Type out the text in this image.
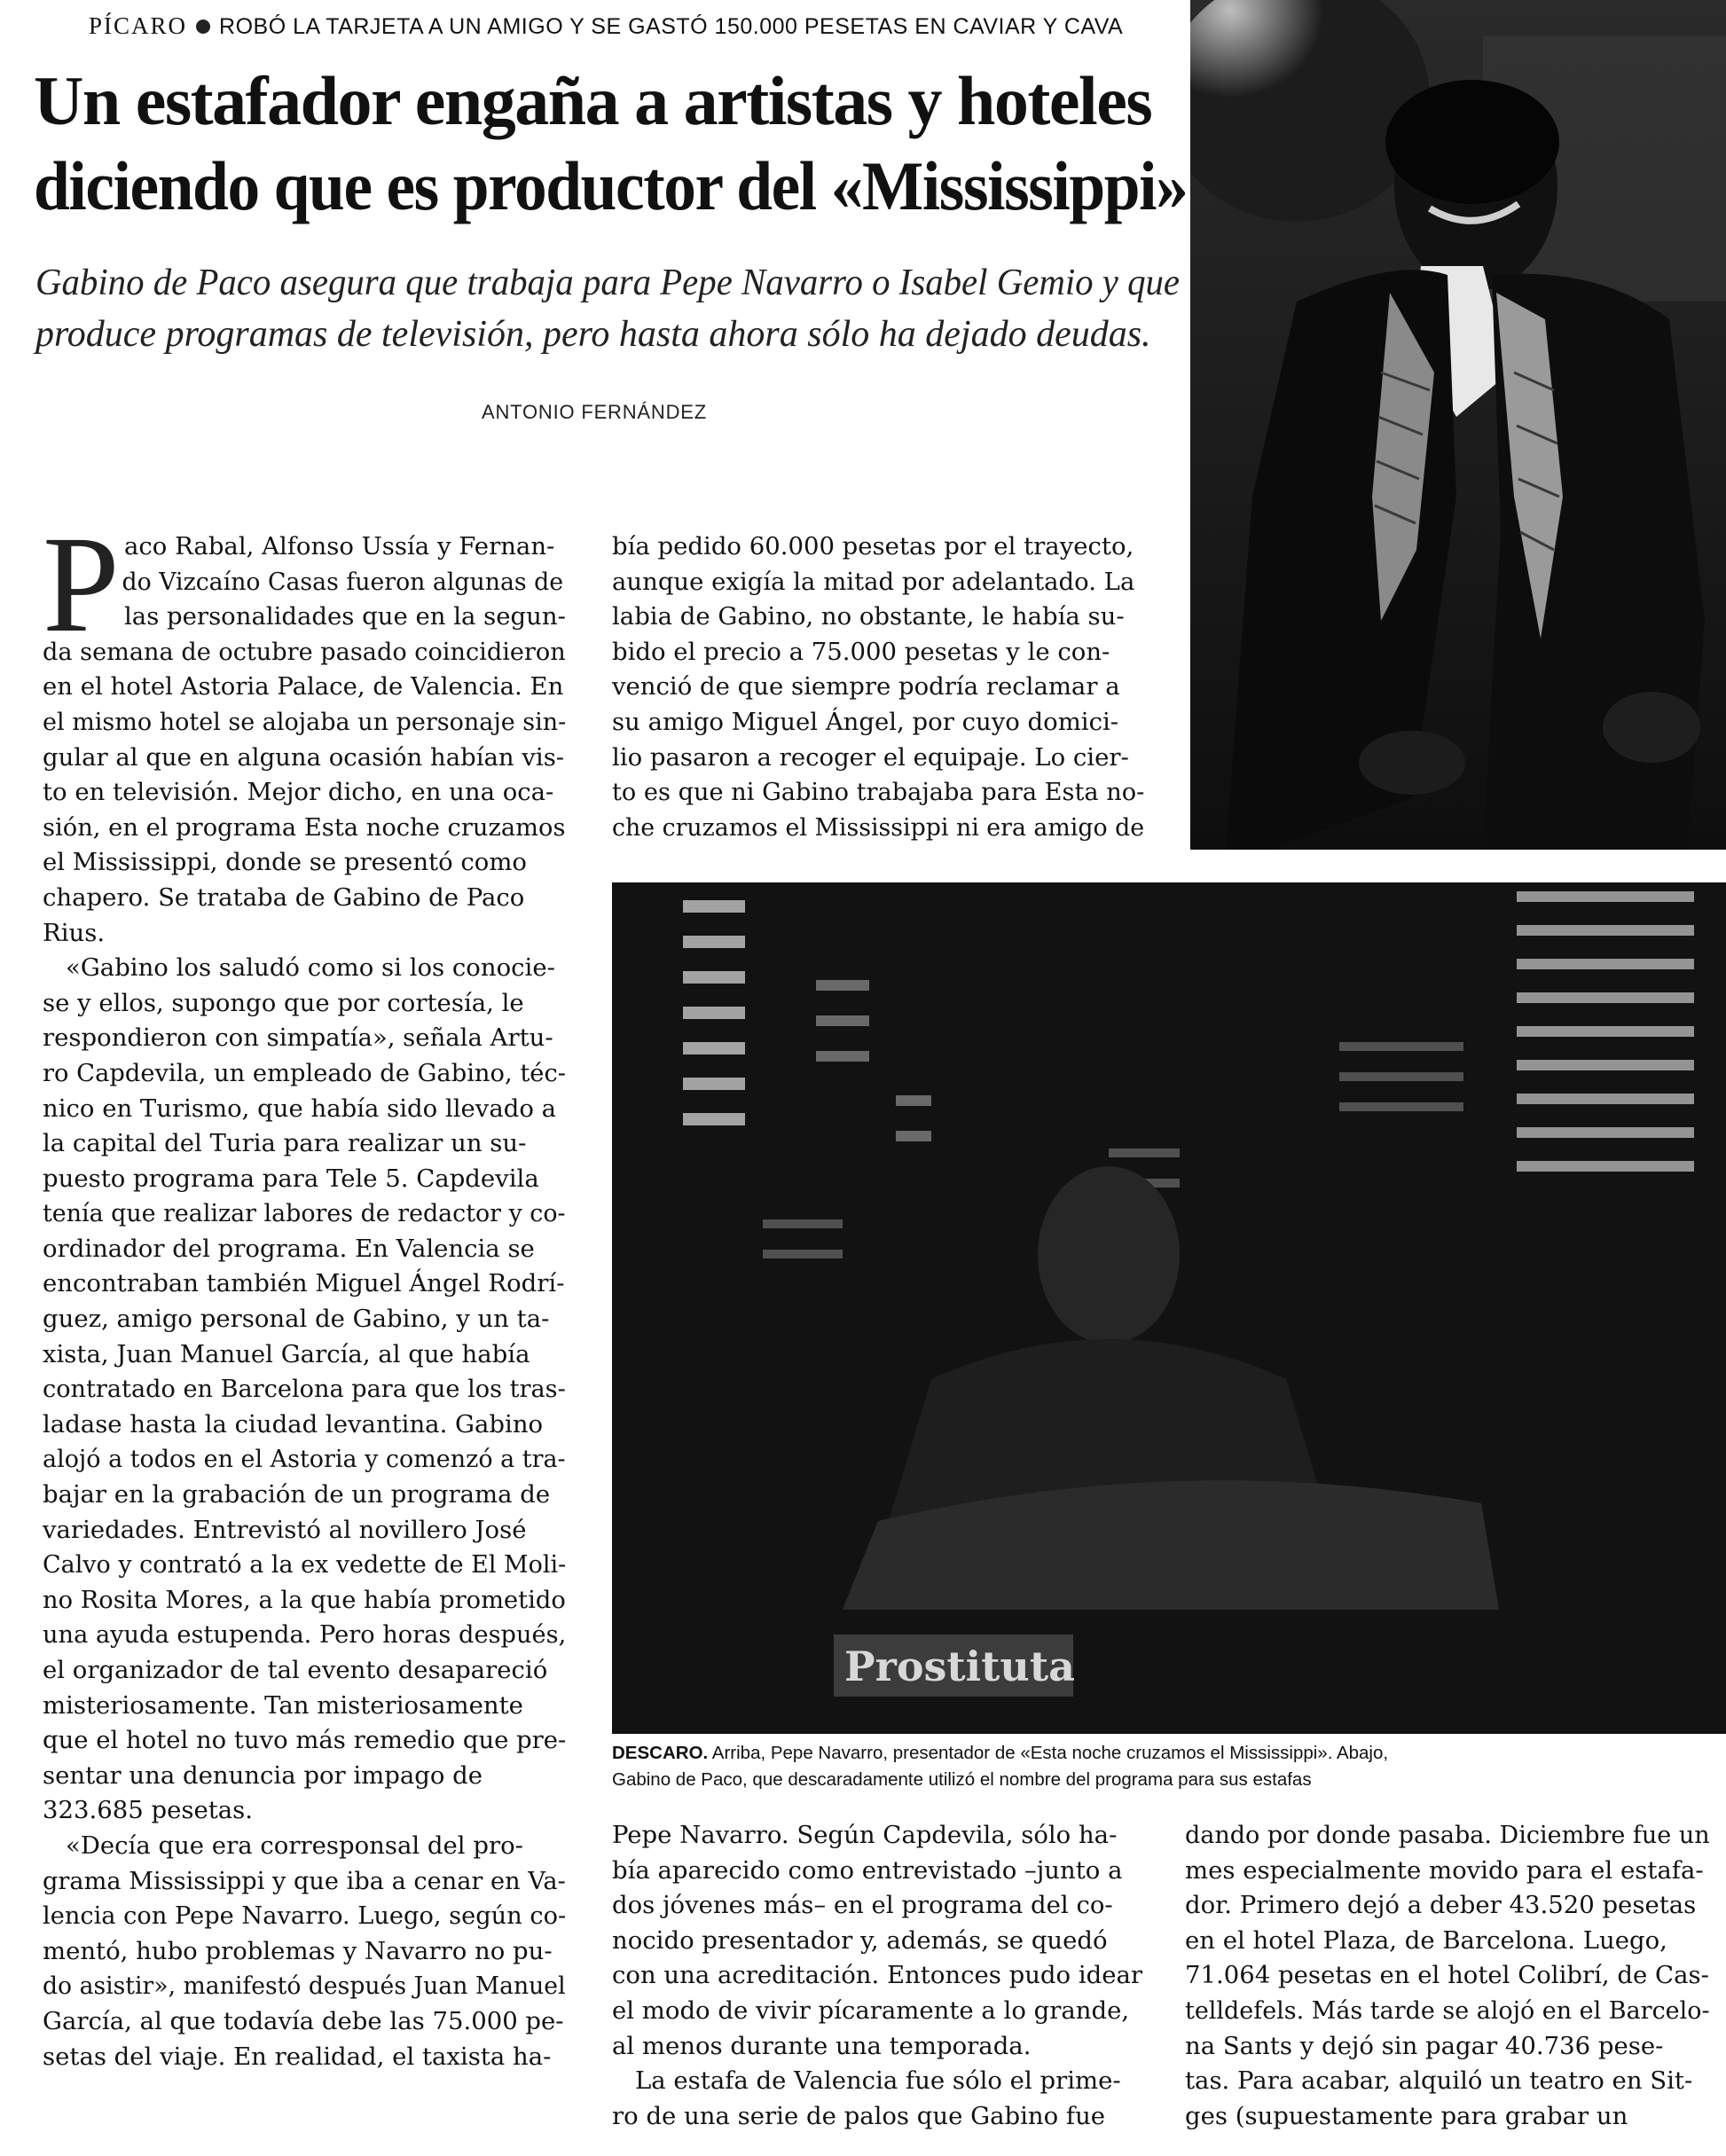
PÍCARO ROBÓ LA TARJETA A UN AMIGO Y SE GASTÓ 150.000 PESETAS EN CAVIAR Y CAVA
Un estafador engaña a artistas y hoteles
diciendo que es productor del «Mississippi»
Gabino de Paco asegura que trabaja para Pepe Navarro o Isabel Gemio y que
produce programas de televisión, pero hasta ahora sólo ha dejado deudas.
ANTONIO FERNÁNDEZ
Prostituta
DESCARO. Arriba, Pepe Navarro, presentador de «Esta noche cruzamos el Mississippi». Abajo,
Gabino de Paco, que descaradamente utilizó el nombre del programa para sus estafas
P aco Rabal, Alfonso Ussía y Fernan-
do Vizcaíno Casas fueron algunas de
las personalidades que en la segun-
da semana de octubre pasado coincidieron
en el hotel Astoria Palace, de Valencia. En
el mismo hotel se alojaba un personaje sin-
gular al que en alguna ocasión habían vis-
to en televisión. Mejor dicho, en una oca-
sión, en el programa Esta noche cruzamos
el Mississippi, donde se presentó como
chapero. Se trataba de Gabino de Paco
Rius.
«Gabino los saludó como si los conocie-
se y ellos, supongo que por cortesía, le
respondieron con simpatía», señala Artu-
ro Capdevila, un empleado de Gabino, téc-
nico en Turismo, que había sido llevado a
la capital del Turia para realizar un su-
puesto programa para Tele 5. Capdevila
tenía que realizar labores de redactor y co-
ordinador del programa. En Valencia se
encontraban también Miguel Ángel Rodrí-
guez, amigo personal de Gabino, y un ta-
xista, Juan Manuel García, al que había
contratado en Barcelona para que los tras-
ladase hasta la ciudad levantina. Gabino
alojó a todos en el Astoria y comenzó a tra-
bajar en la grabación de un programa de
variedades. Entrevistó al novillero José
Calvo y contrató a la ex vedette de El Moli-
no Rosita Mores, a la que había prometido
una ayuda estupenda. Pero horas después,
el organizador de tal evento desapareció
misteriosamente. Tan misteriosamente
que el hotel no tuvo más remedio que pre-
sentar una denuncia por impago de
323.685 pesetas.
«Decía que era corresponsal del pro-
grama Mississippi y que iba a cenar en Va-
lencia con Pepe Navarro. Luego, según co-
mentó, hubo problemas y Navarro no pu-
do asistir», manifestó después Juan Manuel
García, al que todavía debe las 75.000 pe-
setas del viaje. En realidad, el taxista ha-
bía pedido 60.000 pesetas por el trayecto,
aunque exigía la mitad por adelantado. La
labia de Gabino, no obstante, le había su-
bido el precio a 75.000 pesetas y le con-
venció de que siempre podría reclamar a
su amigo Miguel Ángel, por cuyo domici-
lio pasaron a recoger el equipaje. Lo cier-
to es que ni Gabino trabajaba para Esta no-
che cruzamos el Mississippi ni era amigo de
Pepe Navarro. Según Capdevila, sólo ha-
bía aparecido como entrevistado –junto a
dos jóvenes más– en el programa del co-
nocido presentador y, además, se quedó
con una acreditación. Entonces pudo idear
el modo de vivir pícaramente a lo grande,
al menos durante una temporada.
La estafa de Valencia fue sólo el prime-
ro de una serie de palos que Gabino fue
dando por donde pasaba. Diciembre fue un
mes especialmente movido para el estafa-
dor. Primero dejó a deber 43.520 pesetas
en el hotel Plaza, de Barcelona. Luego,
71.064 pesetas en el hotel Colibrí, de Cas-
telldefels. Más tarde se alojó en el Barcelo-
na Sants y dejó sin pagar 40.736 pese-
tas. Para acabar, alquiló un teatro en Sit-
ges (supuestamente para grabar un
